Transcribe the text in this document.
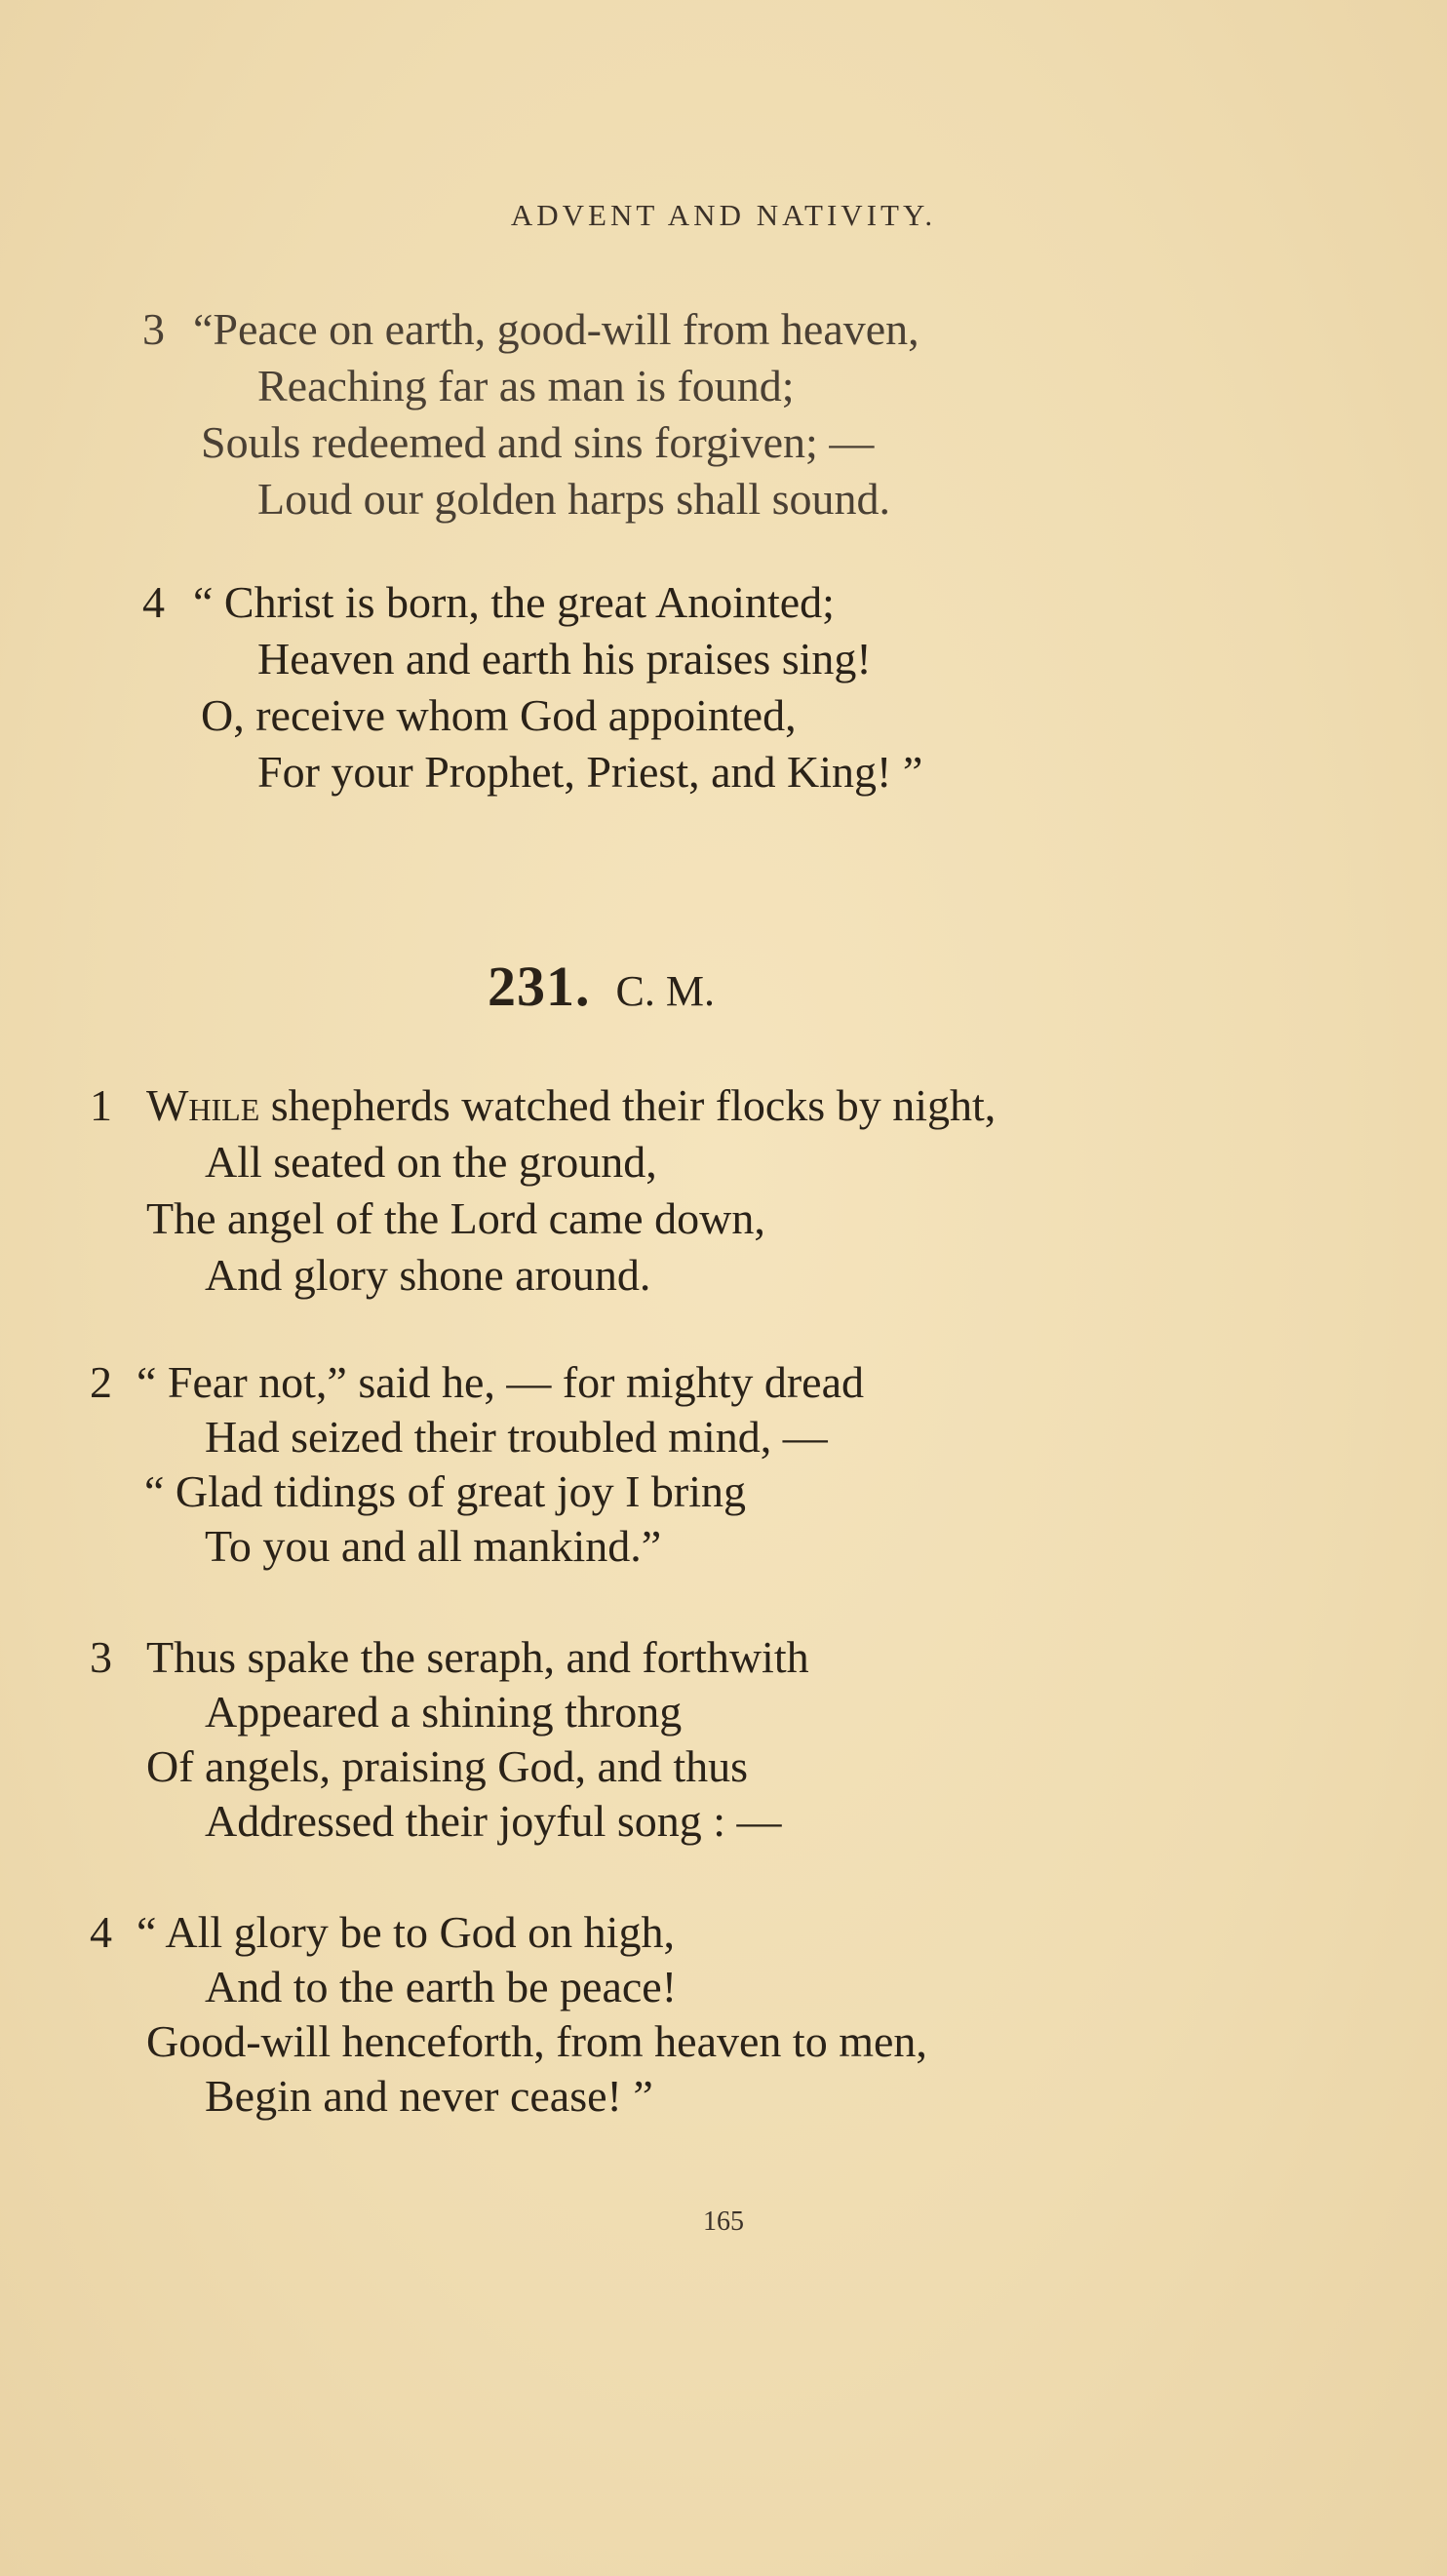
ADVENT AND NATIVITY.
3 “Peace on earth, good-will from heaven,
Reaching far as man is found;
Souls redeemed and sins forgiven; —
Loud our golden harps shall sound.
4 “ Christ is born, the great Anointed;
Heaven and earth his praises sing!
O, receive whom God appointed,
For your Prophet, Priest, and King! ”
231. C. M.
1 While shepherds watched their flocks by night,
All seated on the ground,
The angel of the Lord came down,
And glory shone around.
2 “ Fear not,” said he, — for mighty dread
Had seized their troubled mind, —
“ Glad tidings of great joy I bring
To you and all mankind.”
3 Thus spake the seraph, and forthwith
Appeared a shining throng
Of angels, praising God, and thus
Addressed their joyful song : —
4 “ All glory be to God on high,
And to the earth be peace!
Good-will henceforth, from heaven to men,
Begin and never cease! ”
165
